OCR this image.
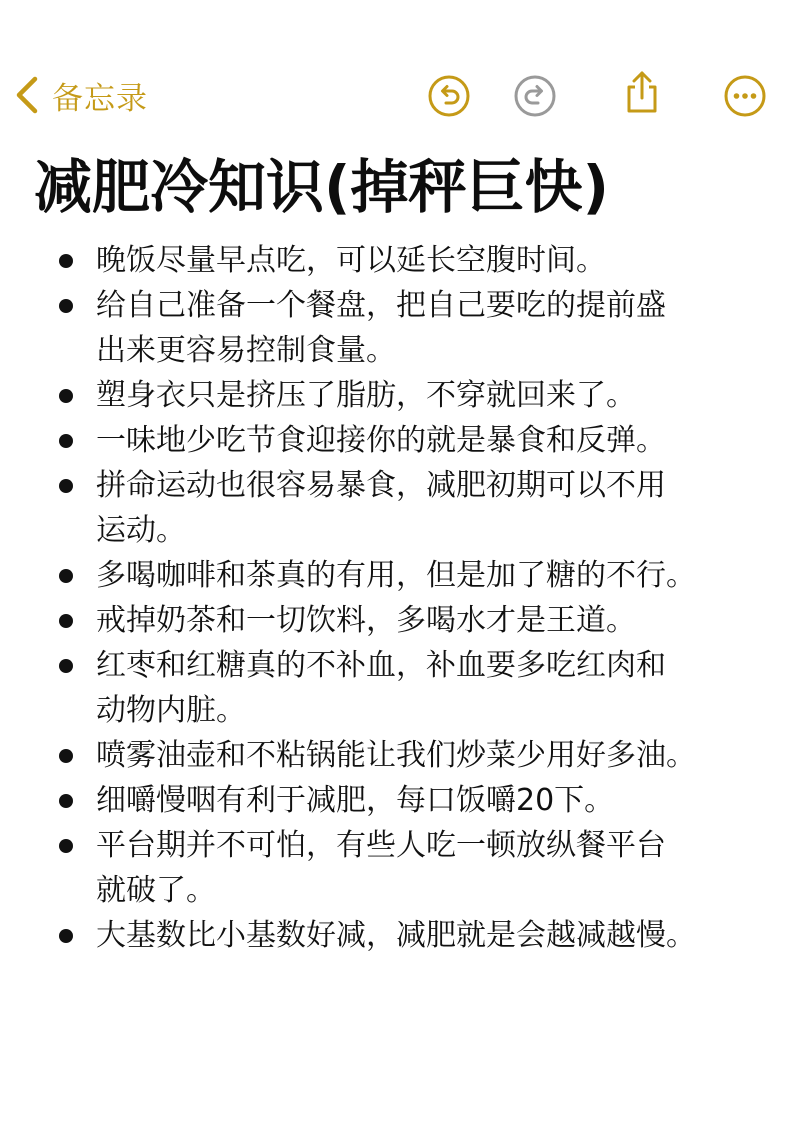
备忘录
减肥冷知识(掉秤巨快)
晚饭尽量早点吃，可以延长空腹时间。
给自己准备一个餐盘，把自己要吃的提前盛
出来更容易控制食量。
塑身衣只是挤压了脂肪，不穿就回来了。
一味地少吃节食迎接你的就是暴食和反弹。
拼命运动也很容易暴食，减肥初期可以不用
运动。
多喝咖啡和茶真的有用，但是加了糖的不行。
戒掉奶茶和一切饮料，多喝水才是王道。
红枣和红糖真的不补血，补血要多吃红肉和
动物内脏。
喷雾油壶和不粘锅能让我们炒菜少用好多油。
细嚼慢咽有利于减肥，每口饭嚼20下。
平台期并不可怕，有些人吃一顿放纵餐平台
就破了。
大基数比小基数好减，减肥就是会越减越慢。
